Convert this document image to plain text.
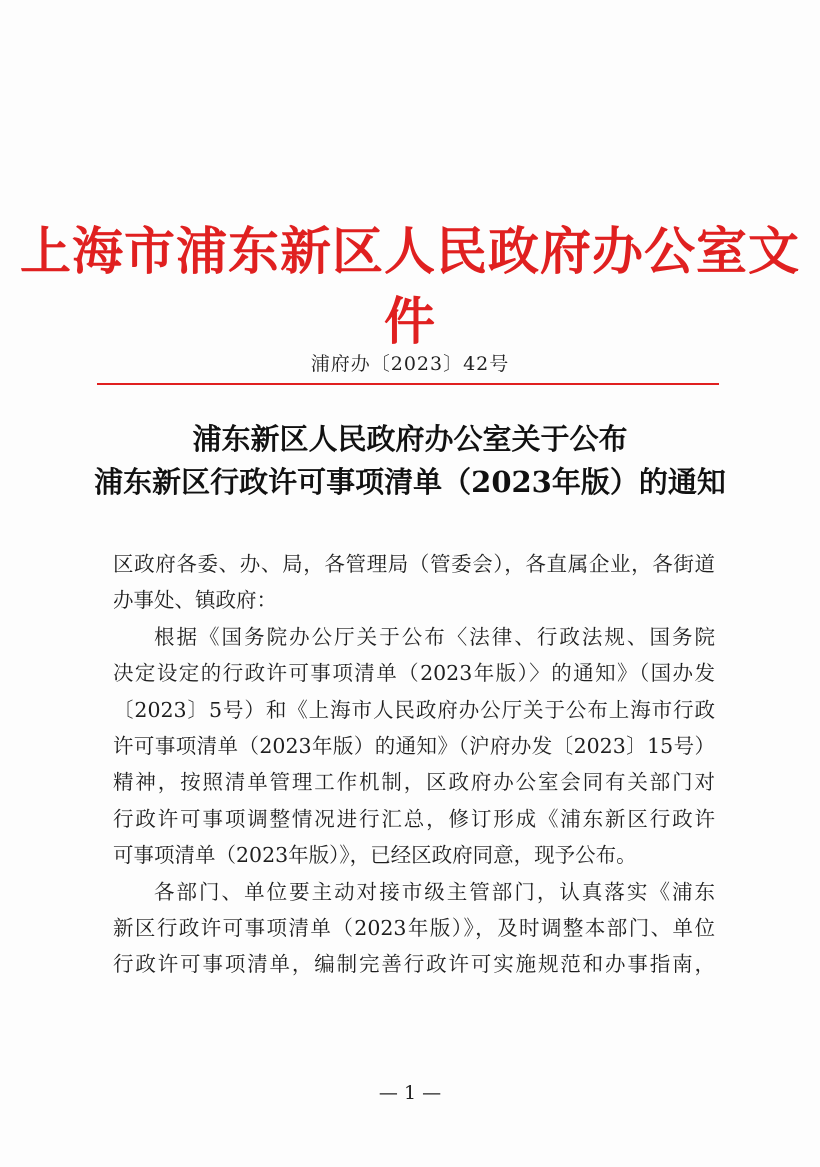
上海市浦东新区人民政府办公室文件
浦府办〔2023〕42号
浦东新区人民政府办公室关于公布
浦东新区行政许可事项清单（2023年版）的通知
区政府各委、办、局，各管理局（管委会），各直属企业，各街道
办事处、镇政府：
根据《国务院办公厅关于公布〈法律、行政法规、国务院
决定设定的行政许可事项清单（2023年版）〉的通知》（国办发
〔2023〕5号）和《上海市人民政府办公厅关于公布上海市行政
许可事项清单（2023年版）的通知》（沪府办发〔2023〕15号）
精神，按照清单管理工作机制，区政府办公室会同有关部门对
行政许可事项调整情况进行汇总，修订形成《浦东新区行政许
可事项清单（2023年版）》，已经区政府同意，现予公布。
各部门、单位要主动对接市级主管部门，认真落实《浦东
新区行政许可事项清单（2023年版）》，及时调整本部门、单位
行政许可事项清单，编制完善行政许可实施规范和办事指南，
— 1 —
